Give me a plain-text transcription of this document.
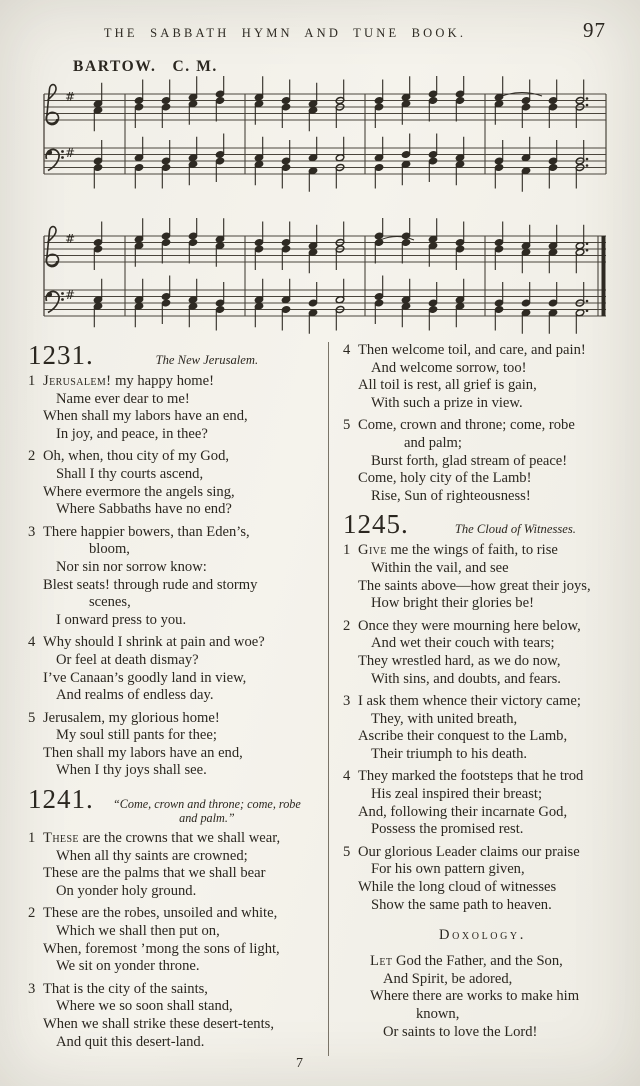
THE SABBATH HYMN AND TUNE BOOK.	97
BARTOW. C. M.
#
#
#
#
1231.	The New Jerusalem.
1 Jerusalem! my happy home!
Name ever dear to me!
When shall my labors have an end,
In joy, and peace, in thee?
2 Oh, when, thou city of my God,
Shall I thy courts ascend,
Where evermore the angels sing,
Where Sabbaths have no end?
3 There happier bowers, than Eden’s,
bloom,
Nor sin nor sorrow know:
Blest seats! through rude and stormy
scenes,
I onward press to you.
4 Why should I shrink at pain and woe?
Or feel at death dismay?
I’ve Canaan’s goodly land in view,
And realms of endless day.
5 Jerusalem, my glorious home!
My soul still pants for thee;
Then shall my labors have an end,
When I thy joys shall see.
1241.	“Come, crown and throne; come, robe and palm.”
1 These are the crowns that we shall wear,
When all thy saints are crowned;
These are the palms that we shall bear
On yonder holy ground.
2 These are the robes, unsoiled and white,
Which we shall then put on,
When, foremost ’mong the sons of light,
We sit on yonder throne.
3 That is the city of the saints,
Where we so soon shall stand,
When we shall strike these desert-tents,
And quit this desert-land.
4 Then welcome toil, and care, and pain!
And welcome sorrow, too!
All toil is rest, all grief is gain,
With such a prize in view.
5 Come, crown and throne; come, robe
and palm;
Burst forth, glad stream of peace!
Come, holy city of the Lamb!
Rise, Sun of righteousness!
1245.	The Cloud of Witnesses.
1 Give me the wings of faith, to rise
Within the vail, and see
The saints above—how great their joys,
How bright their glories be!
2 Once they were mourning here below,
And wet their couch with tears;
They wrestled hard, as we do now,
With sins, and doubts, and fears.
3 I ask them whence their victory came;
They, with united breath,
Ascribe their conquest to the Lamb,
Their triumph to his death.
4 They marked the footsteps that he trod
His zeal inspired their breast;
And, following their incarnate God,
Possess the promised rest.
5 Our glorious Leader claims our praise
For his own pattern given,
While the long cloud of witnesses
Show the same path to heaven.
Doxology.
Let God the Father, and the Son,
And Spirit, be adored,
Where there are works to make him
known,
Or saints to love the Lord!
7
